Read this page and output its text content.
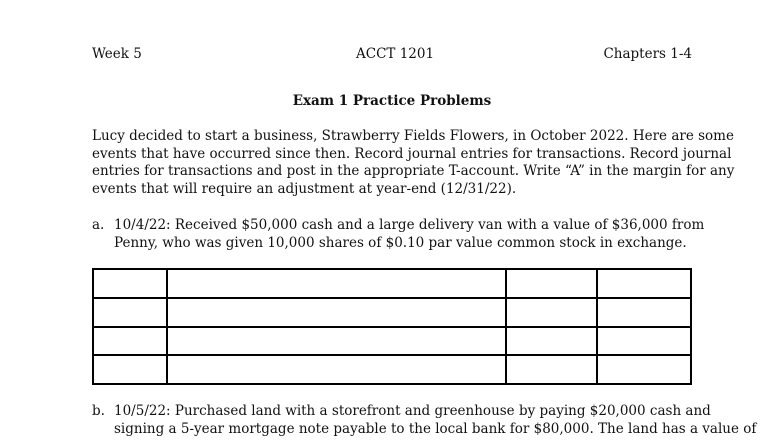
Week 5	ACCT 1201	Chapters 1-4
Exam 1 Practice Problems
Lucy decided to start a business, Strawberry Fields Flowers, in October 2022. Here are some
events that have occurred since then. Record journal entries for transactions. Record journal
entries for transactions and post in the appropriate T-account. Write “A” in the margin for any
events that will require an adjustment at year-end (12/31/22).
a. 10/4/22: Received $50,000 cash and a large delivery van with a value of $36,000 from
Penny, who was given 10,000 shares of $0.10 par value common stock in exchange.

b. 10/5/22: Purchased land with a storefront and greenhouse by paying $20,000 cash and
signing a 5-year mortgage note payable to the local bank for $80,000. The land has a value of
